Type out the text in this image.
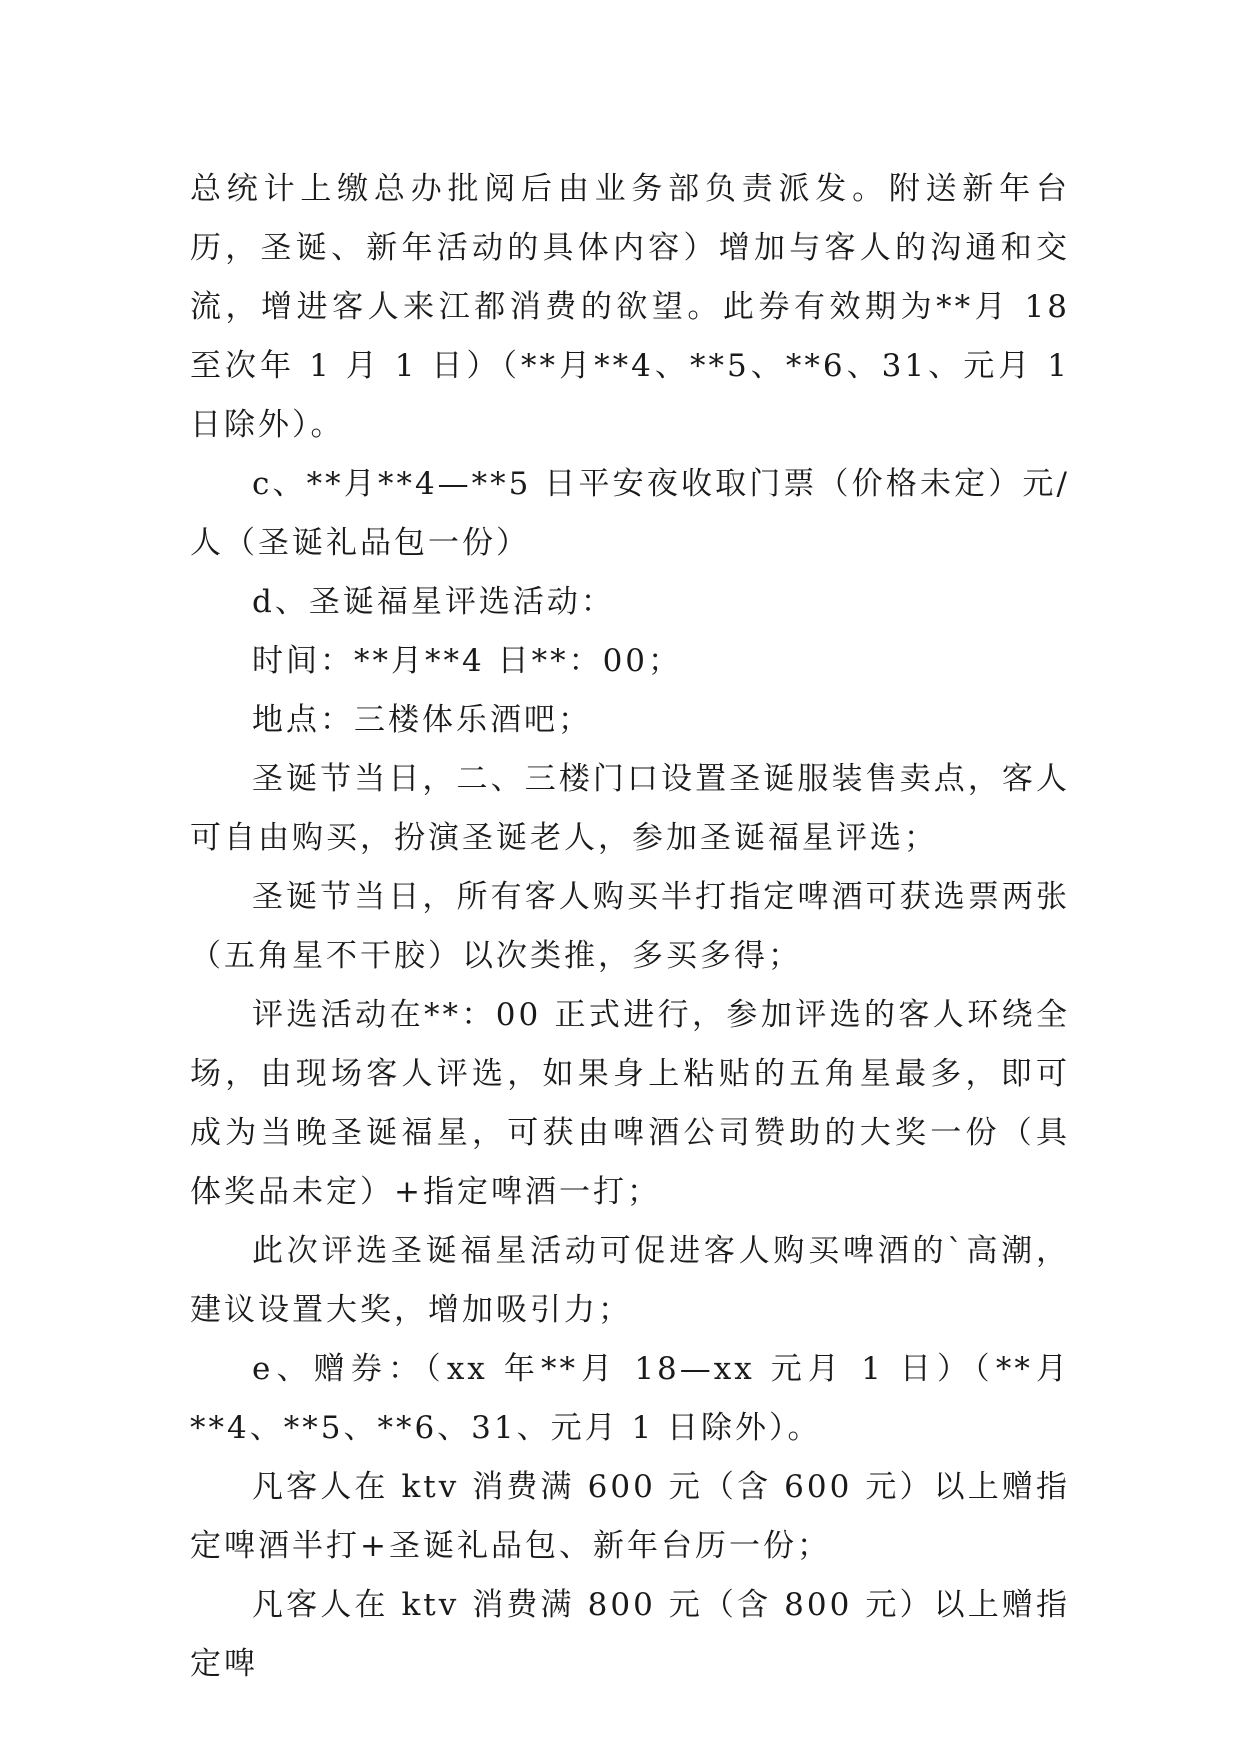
总统计上缴总办批阅后由业务部负责派发。附送新年台历，圣诞、新年活动的具体内容）增加与客人的沟通和交流，增进客人来江都消费的欲望。此券有效期为**月 18 至次年 1 月 1 日）（**月**4、**5、**6、31、元月 1 日除外）。

c、**月**4—**5 日平安夜收取门票（价格未定）元/人（圣诞礼品包一份）

d、圣诞福星评选活动：

时间：**月**4 日**：00；

地点：三楼体乐酒吧；

圣诞节当日，二、三楼门口设置圣诞服装售卖点，客人可自由购买，扮演圣诞老人，参加圣诞福星评选；

圣诞节当日，所有客人购买半打指定啤酒可获选票两张（五角星不干胶）以次类推，多买多得；

评选活动在**：00 正式进行，参加评选的客人环绕全场，由现场客人评选，如果身上粘贴的五角星最多，即可成为当晚圣诞福星，可获由啤酒公司赞助的大奖一份（具体奖品未定）+指定啤酒一打；

此次评选圣诞福星活动可促进客人购买啤酒的`高潮，建议设置大奖，增加吸引力；

e、赠券：（xx 年**月 18—xx 元月 1 日）（**月**4、**5、**6、31、元月 1 日除外）。

凡客人在 ktv 消费满 600 元（含 600 元）以上赠指定啤酒半打+圣诞礼品包、新年台历一份；

凡客人在 ktv 消费满 800 元（含 800 元）以上赠指定啤
